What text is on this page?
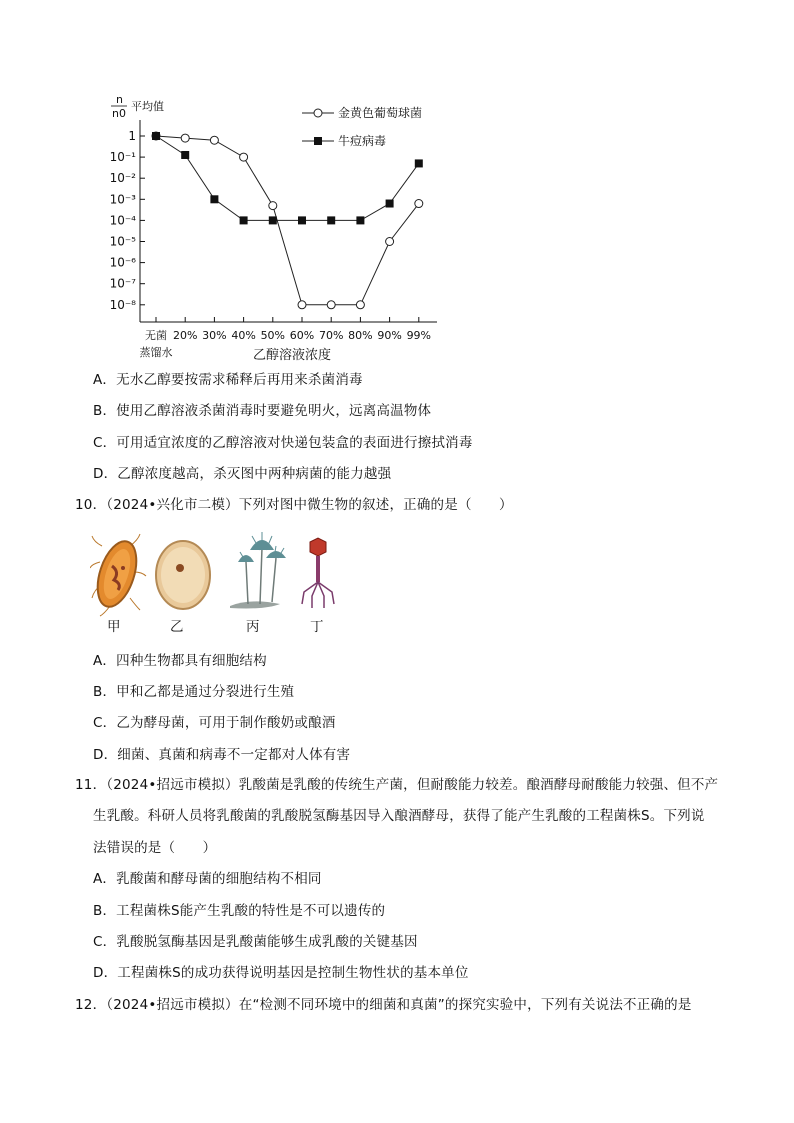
n
n0
平均值
1
10⁻¹
10⁻²
10⁻³
10⁻⁴
10⁻⁵
10⁻⁶
10⁻⁷
10⁻⁸
无菌 20% 30% 40% 50% 60% 70% 80% 90% 99%
蒸馏水
金黄色葡萄球菌
牛痘病毒
乙醇溶液浓度
A．无水乙醇要按需求稀释后再用来杀菌消毒
B．使用乙醇溶液杀菌消毒时要避免明火，远离高温物体
C．可用适宜浓度的乙醇溶液对快递包装盒的表面进行擦拭消毒
D．乙醇浓度越高，杀灭图中两种病菌的能力越强
10．（2024•兴化市二模）下列对图中微生物的叙述，正确的是（　　）
甲	乙	丙	丁
A．四种生物都具有细胞结构
B．甲和乙都是通过分裂进行生殖
C．乙为酵母菌，可用于制作酸奶或酿酒
D．细菌、真菌和病毒不一定都对人体有害
11．（2024•招远市模拟）乳酸菌是乳酸的传统生产菌，但耐酸能力较差。酿酒酵母耐酸能力较强、但不产
生乳酸。科研人员将乳酸菌的乳酸脱氢酶基因导入酿酒酵母，获得了能产生乳酸的工程菌株S。下列说
法错误的是（　　）
A．乳酸菌和酵母菌的细胞结构不相同
B．工程菌株S能产生乳酸的特性是不可以遗传的
C．乳酸脱氢酶基因是乳酸菌能够生成乳酸的关键基因
D．工程菌株S的成功获得说明基因是控制生物性状的基本单位
12．（2024•招远市模拟）在“检测不同环境中的细菌和真菌”的探究实验中，下列有关说法不正确的是
